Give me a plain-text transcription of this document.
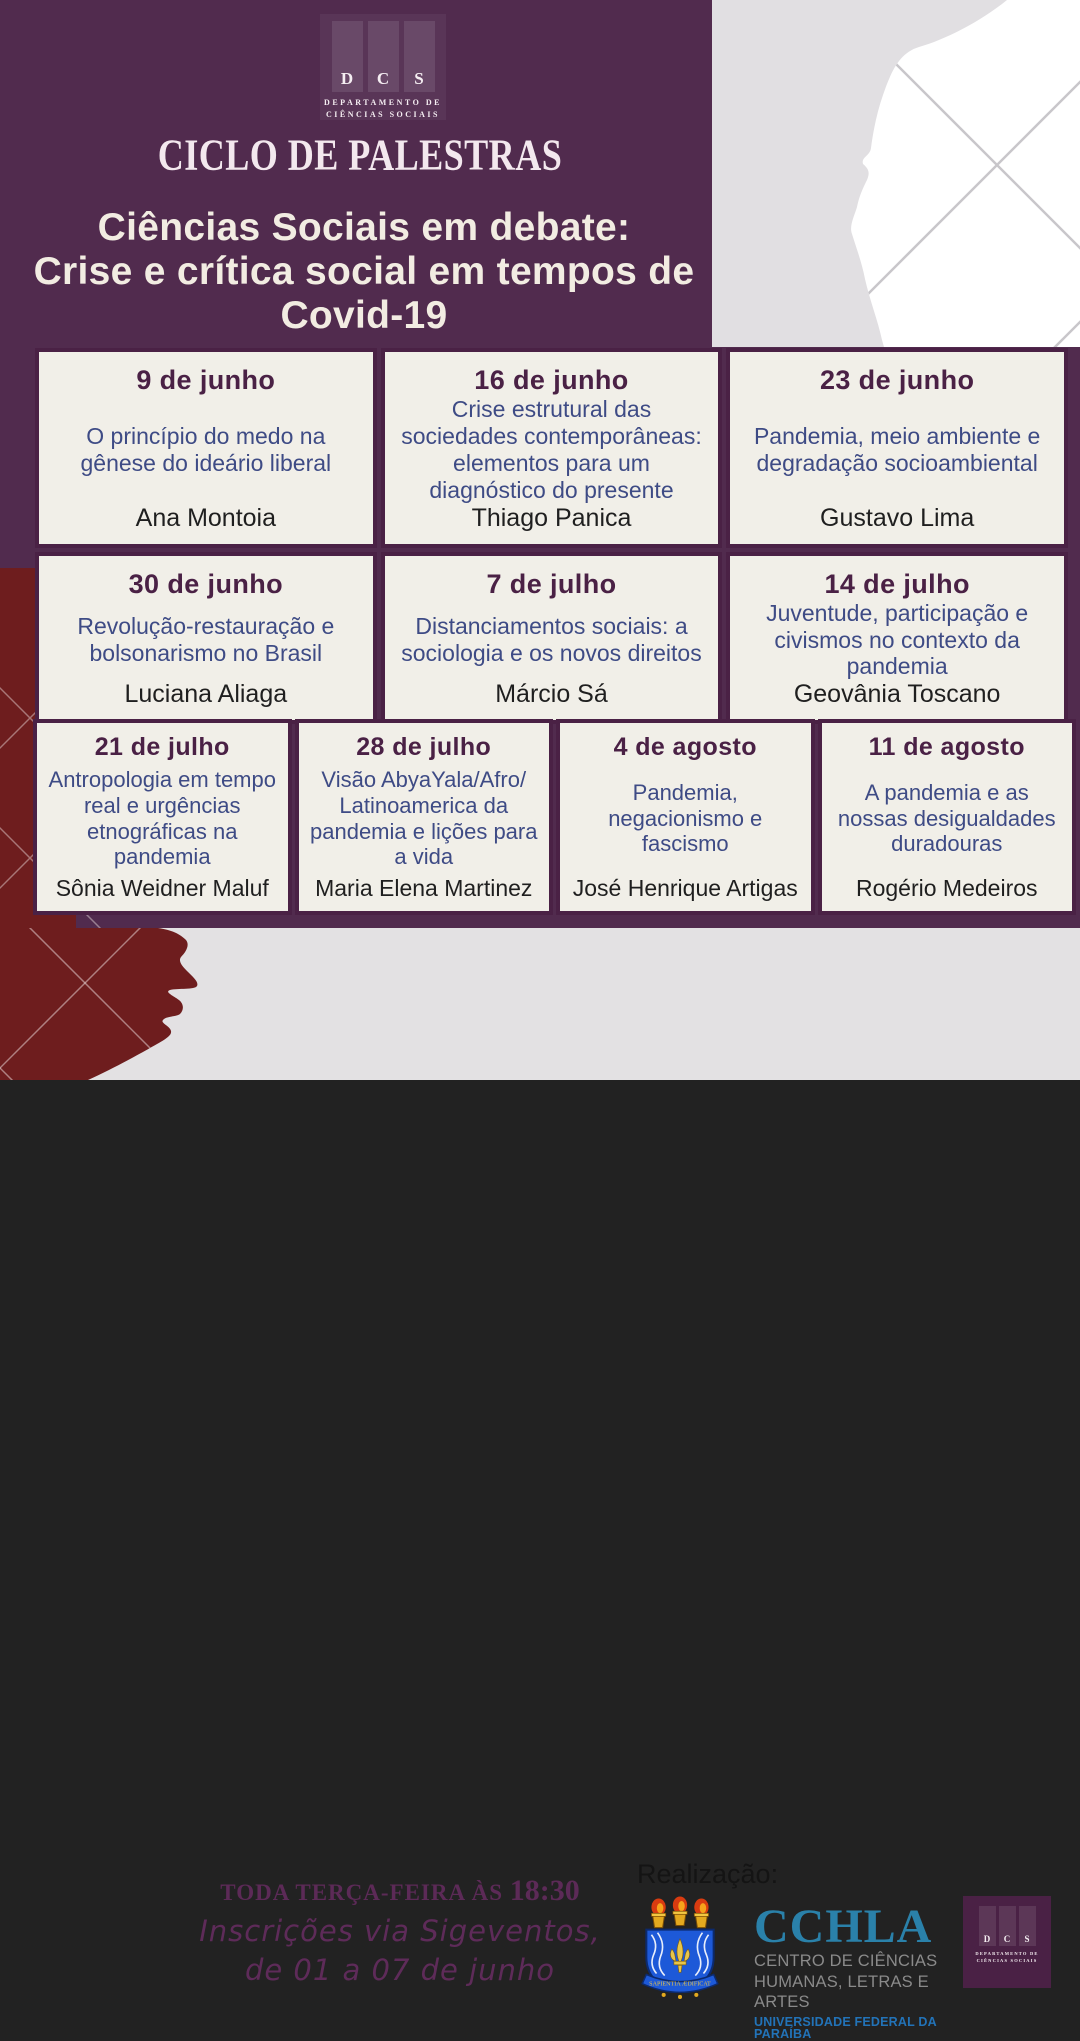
D	C	S
DEPARTAMENTO DE
CIÊNCIAS SOCIAIS
CICLO DE PALESTRAS
Ciências Sociais em debate:
Crise e crítica social em tempos de
Covid-19
9 de junho
O princípio do medo na gênese do ideário liberal
Ana Montoia
16 de junho
Crise estrutural das sociedades contemporâneas: elementos para um diagnóstico do presente
Thiago Panica
23 de junho
Pandemia, meio ambiente e degradação socioambiental
Gustavo Lima
30 de junho
Revolução-restauração e bolsonarismo no Brasil
Luciana Aliaga
7 de julho
Distanciamentos sociais: a sociologia e os novos direitos
Márcio Sá
14 de julho
Juventude, participação e civismos no contexto da pandemia
Geovânia Toscano
21 de julho
Antropologia em tempo real e urgências etnográficas na pandemia
Sônia Weidner Maluf
28 de julho
Visão AbyaYala/Afro/ Latinoamerica da pandemia e lições para a vida
Maria Elena Martinez
4 de agosto
Pandemia, negacionismo e fascismo
José Henrique Artigas
11 de agosto
A pandemia e as nossas desigualdades duradouras
Rogério Medeiros
TODA TERÇA-FEIRA ÀS 18:30
Inscrições via Sigeventos,
de 01 a 07 de junho
Realização:
SAPIENTIA ÆDIFICAT
CCHLA
CENTRO DE CIÊNCIAS
HUMANAS, LETRAS E ARTES
UNIVERSIDADE FEDERAL DA PARAÍBA
D	C	S
DEPARTAMENTO DE
CIÊNCIAS SOCIAIS
